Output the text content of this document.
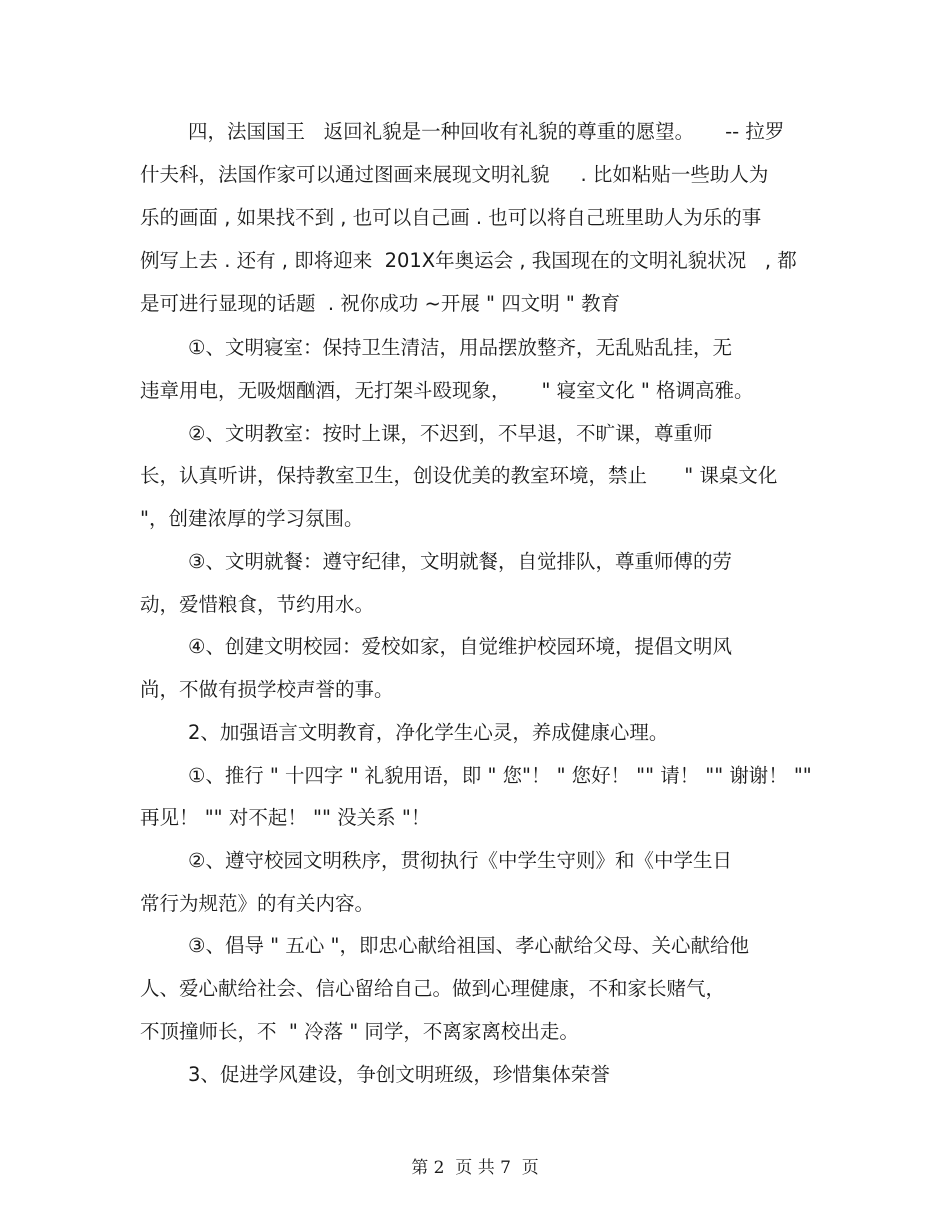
四，法国国王   返回礼貌是一种回收有礼貌的尊重的愿望。     -- 拉罗
什夫科，法国作家可以通过图画来展现文明礼貌     . 比如粘贴一些助人为
乐的画面 , 如果找不到 , 也可以自己画 . 也可以将自己班里助人为乐的事
例写上去 . 还有 , 即将迎来  201X年奥运会 , 我国现在的文明礼貌状况   , 都
是可进行显现的话题  . 祝你成功 ~开展 " 四文明 " 教育
①、文明寝室：保持卫生清洁，用品摆放整齐，无乱贴乱挂，无
违章用电，无吸烟酗酒，无打架斗殴现象，     " 寝室文化 " 格调高雅。
②、文明教室：按时上课，不迟到，不早退，不旷课，尊重师
长，认真听讲，保持教室卫生，创设优美的教室环境，禁止      " 课桌文化
"，创建浓厚的学习氛围。
③、文明就餐：遵守纪律，文明就餐，自觉排队，尊重师傅的劳
动，爱惜粮食，节约用水。
④、创建文明校园：爱校如家，自觉维护校园环境，提倡文明风
尚，不做有损学校声誉的事。
2、加强语言文明教育，净化学生心灵，养成健康心理。
①、推行 " 十四字 " 礼貌用语，即 " 您"！ " 您好！ "" 请！ "" 谢谢！ ""
再见！ "" 对不起！ "" 没关系 "！
②、遵守校园文明秩序，贯彻执行《中学生守则》和《中学生日
常行为规范》的有关内容。
③、倡导 " 五心 "，即忠心献给祖国、孝心献给父母、关心献给他
人、爱心献给社会、信心留给自己。做到心理健康，不和家长赌气，
不顶撞师长，不  " 冷落 " 同学，不离家离校出走。
3、促进学风建设，争创文明班级，珍惜集体荣誉
第 2  页 共 7  页
